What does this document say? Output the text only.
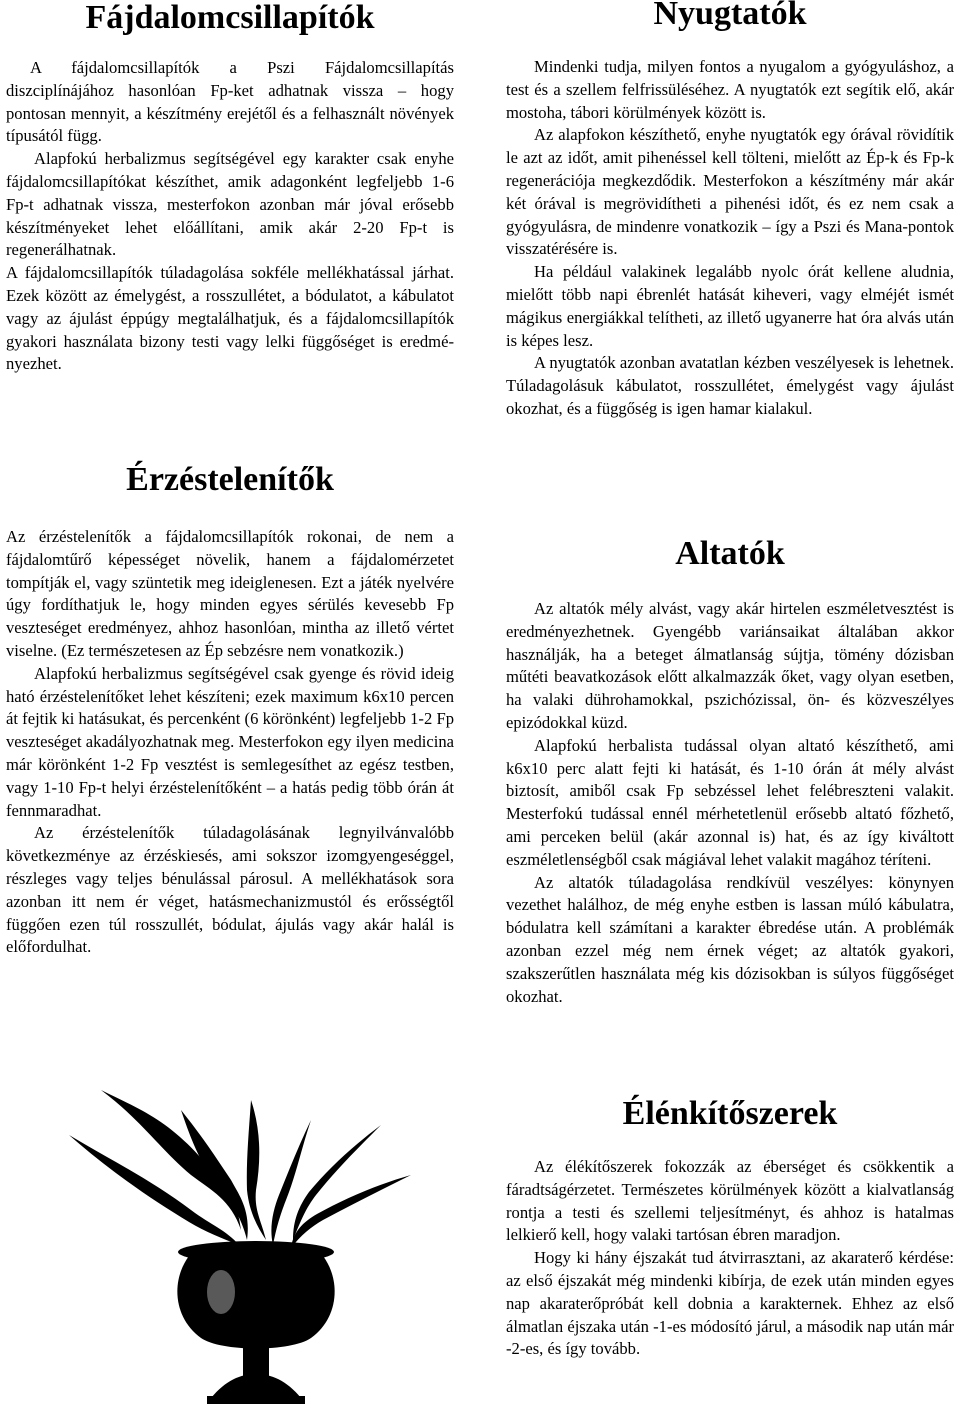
Fájdalomcsillapítók

A fájdalomcsillapítók a Pszi Fájdalomcsillapítás diszciplínájához hasonlóan Fp-ket adhatnak vissza – hogy pontosan mennyit, a készítmény erejétől és a felhasznált növények típusától függ.

Alapfokú herbalizmus segítségével egy karakter csak enyhe fájdalomcsillapítókat készíthet, amik adagonként legfeljebb 1-6 Fp-t adhatnak vissza, mesterfokon azonban már jóval erősebb készítményeket lehet előállítani, amik akár 2-20 Fp-t is regenerálhatnak.

A fájdalomcsillapítók túladagolása sokféle mellékhatással járhat. Ezek között az émelygést, a rosszullétet, a bódulatot, a kábulatot vagy az ájulást éppúgy megtalálhatjuk, és a fájdalomcsillapítók gyakori használata bizony testi vagy lelki függőséget is eredményezhet.

Érzéstelenítők

Az érzéstelenítők a fájdalomcsillapítók rokonai, de nem a fájdalomtűrő képességet növelik, hanem a fájdalomérzetet tompítják el, vagy szüntetik meg ideiglenesen. Ezt a játék nyelvére úgy fordíthatjuk le, hogy minden egyes sérülés kevesebb Fp veszteséget eredményez, ahhoz hasonlóan, mintha az illető vértet viselne. (Ez természetesen az Ép sebzésre nem vonatkozik.)

Alapfokú herbalizmus segítségével csak gyenge és rövid ideig ható érzéstelenítőket lehet készíteni; ezek maximum k6x10 percen át fejtik ki hatásukat, és percenként (6 körönként) legfeljebb 1-2 Fp veszteséget akadályozhatnak meg. Mesterfokon egy ilyen medicina már körönként 1-2 Fp vesztést is semlegesíthet az egész testben, vagy 1-10 Fp-t helyi érzéstelenítőként – a hatás pedig több órán át fennmaradhat.

Az érzéstelenítők túladagolásának legnyilvánvalóbb következménye az érzéskiesés, ami sokszor izomgyengeséggel, részleges vagy teljes bénulással párosul. A mellékhatások sora azonban itt nem ér véget, hatásmechanizmustól és erősségtől függően ezen túl rosszullét, bódulat, ájulás vagy akár halál is előfordulhat.

Nyugtatók

Mindenki tudja, milyen fontos a nyugalom a gyógyuláshoz, a test és a szellem felfrissüléséhez. A nyugtatók ezt segítik elő, akár mostoha, tábori körülmények között is.

Az alapfokon készíthető, enyhe nyugtatók egy órával rövidítik le azt az időt, amit pihenéssel kell tölteni, mielőtt az Ép-k és Fp-k regenerációja megkezdődik. Mesterfokon a készítmény már akár két órával is megrövidítheti a pihenési időt, és ez nem csak a gyógyulásra, de mindenre vonatkozik – így a Pszi és Mana-pontok visszatérésére is.

Ha például valakinek legalább nyolc órát kellene aludnia, mielőtt több napi ébrenlét hatását kiheveri, vagy elméjét ismét mágikus energiákkal telítheti, az illető ugyanerre hat óra alvás után is képes lesz.

A nyugtatók azonban avatatlan kézben veszélyesek is lehetnek. Túladagolásuk kábulatot, rosszullétet, émelygést vagy ájulást okozhat, és a függőség is igen hamar kialakul.

Altatók

Az altatók mély alvást, vagy akár hirtelen eszméletvesztést is eredményezhetnek. Gyengébb variánsaikat általában akkor használják, ha a beteget álmatlanság sújtja, tömény dózisban műtéti beavatkozások előtt alkalmazzák őket, vagy olyan esetben, ha valaki dührohamokkal, pszichózissal, ön- és közveszélyes epizódokkal küzd.

Alapfokú herbalista tudással olyan altató készíthető, ami k6x10 perc alatt fejti ki hatását, és 1-10 órán át mély alvást biztosít, amiből csak Fp sebzéssel lehet felébreszteni valakit. Mesterfokú tudással ennél mérhetetlenül erősebb altató főzhető, ami perceken belül (akár azonnal is) hat, és az így kiváltott eszméletlenségből csak mágiával lehet valakit magához téríteni.

Az altatók túladagolása rendkívül veszélyes: könynyen vezethet halálhoz, de még enyhe estben is lassan múló kábulatra, bódulatra kell számítani a karakter ébredése után. A problémák azonban ezzel még nem érnek véget; az altatók gyakori, szakszerűtlen használata még kis dózisokban is súlyos függőséget okozhat.

Élénkítőszerek

Az élékítőszerek fokozzák az éberséget és csökkentik a fáradtságérzetet. Természetes körülmények között a kialvatlanság rontja a testi és szellemi teljesítményt, és ahhoz is hatalmas lelkierő kell, hogy valaki tartósan ébren maradjon.

Hogy ki hány éjszakát tud átvirrasztani, az akaraterő kérdése: az első éjszakát még mindenki kibírja, de ezek után minden egyes nap akaraterőpróbát kell dobnia a karakternek. Ehhez az első álmatlan éjszaka után -1-es módosító járul, a második nap után már -2-es, és így tovább.
